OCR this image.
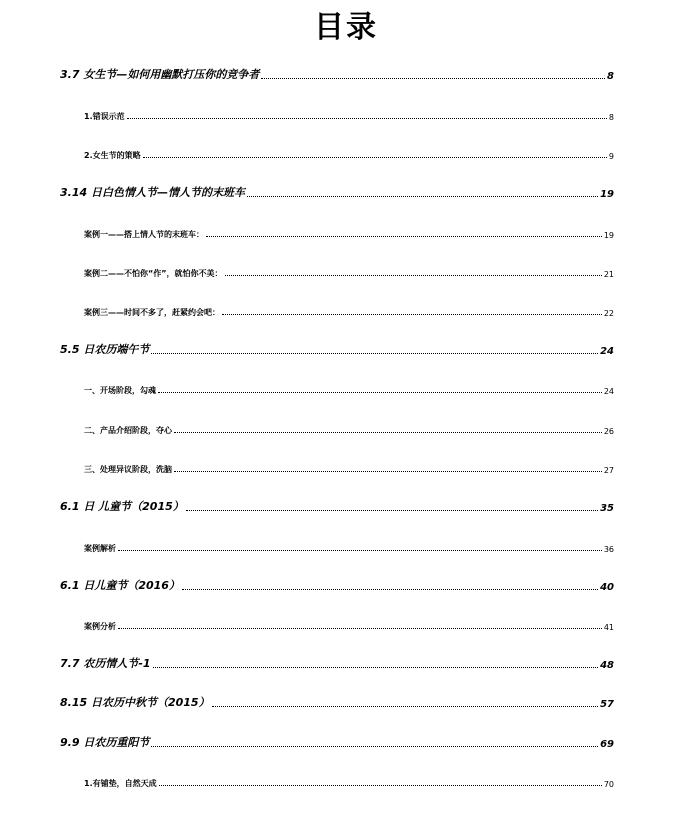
目录
3.7 女生节—如何用幽默打压你的竞争者	8
1.错误示范	8
2.女生节的策略	9
3.14 日白色情人节—情人节的末班车	19
案例一——搭上情人节的末班车：	19
案例二——不怕你“作”，就怕你不美：	21
案例三——时间不多了，赶紧约会吧：	22
5.5 日农历端午节	24
一、开场阶段，勾魂	24
二、产品介绍阶段，夺心	26
三、处理异议阶段，洗脑	27
6.1 日 儿童节（2015）	35
案例解析	36
6.1 日儿童节（2016）	40
案例分析	41
7.7 农历情人节-1	48
8.15 日农历中秋节（2015）	57
9.9 日农历重阳节	69
1.有铺垫，自然天成	70
